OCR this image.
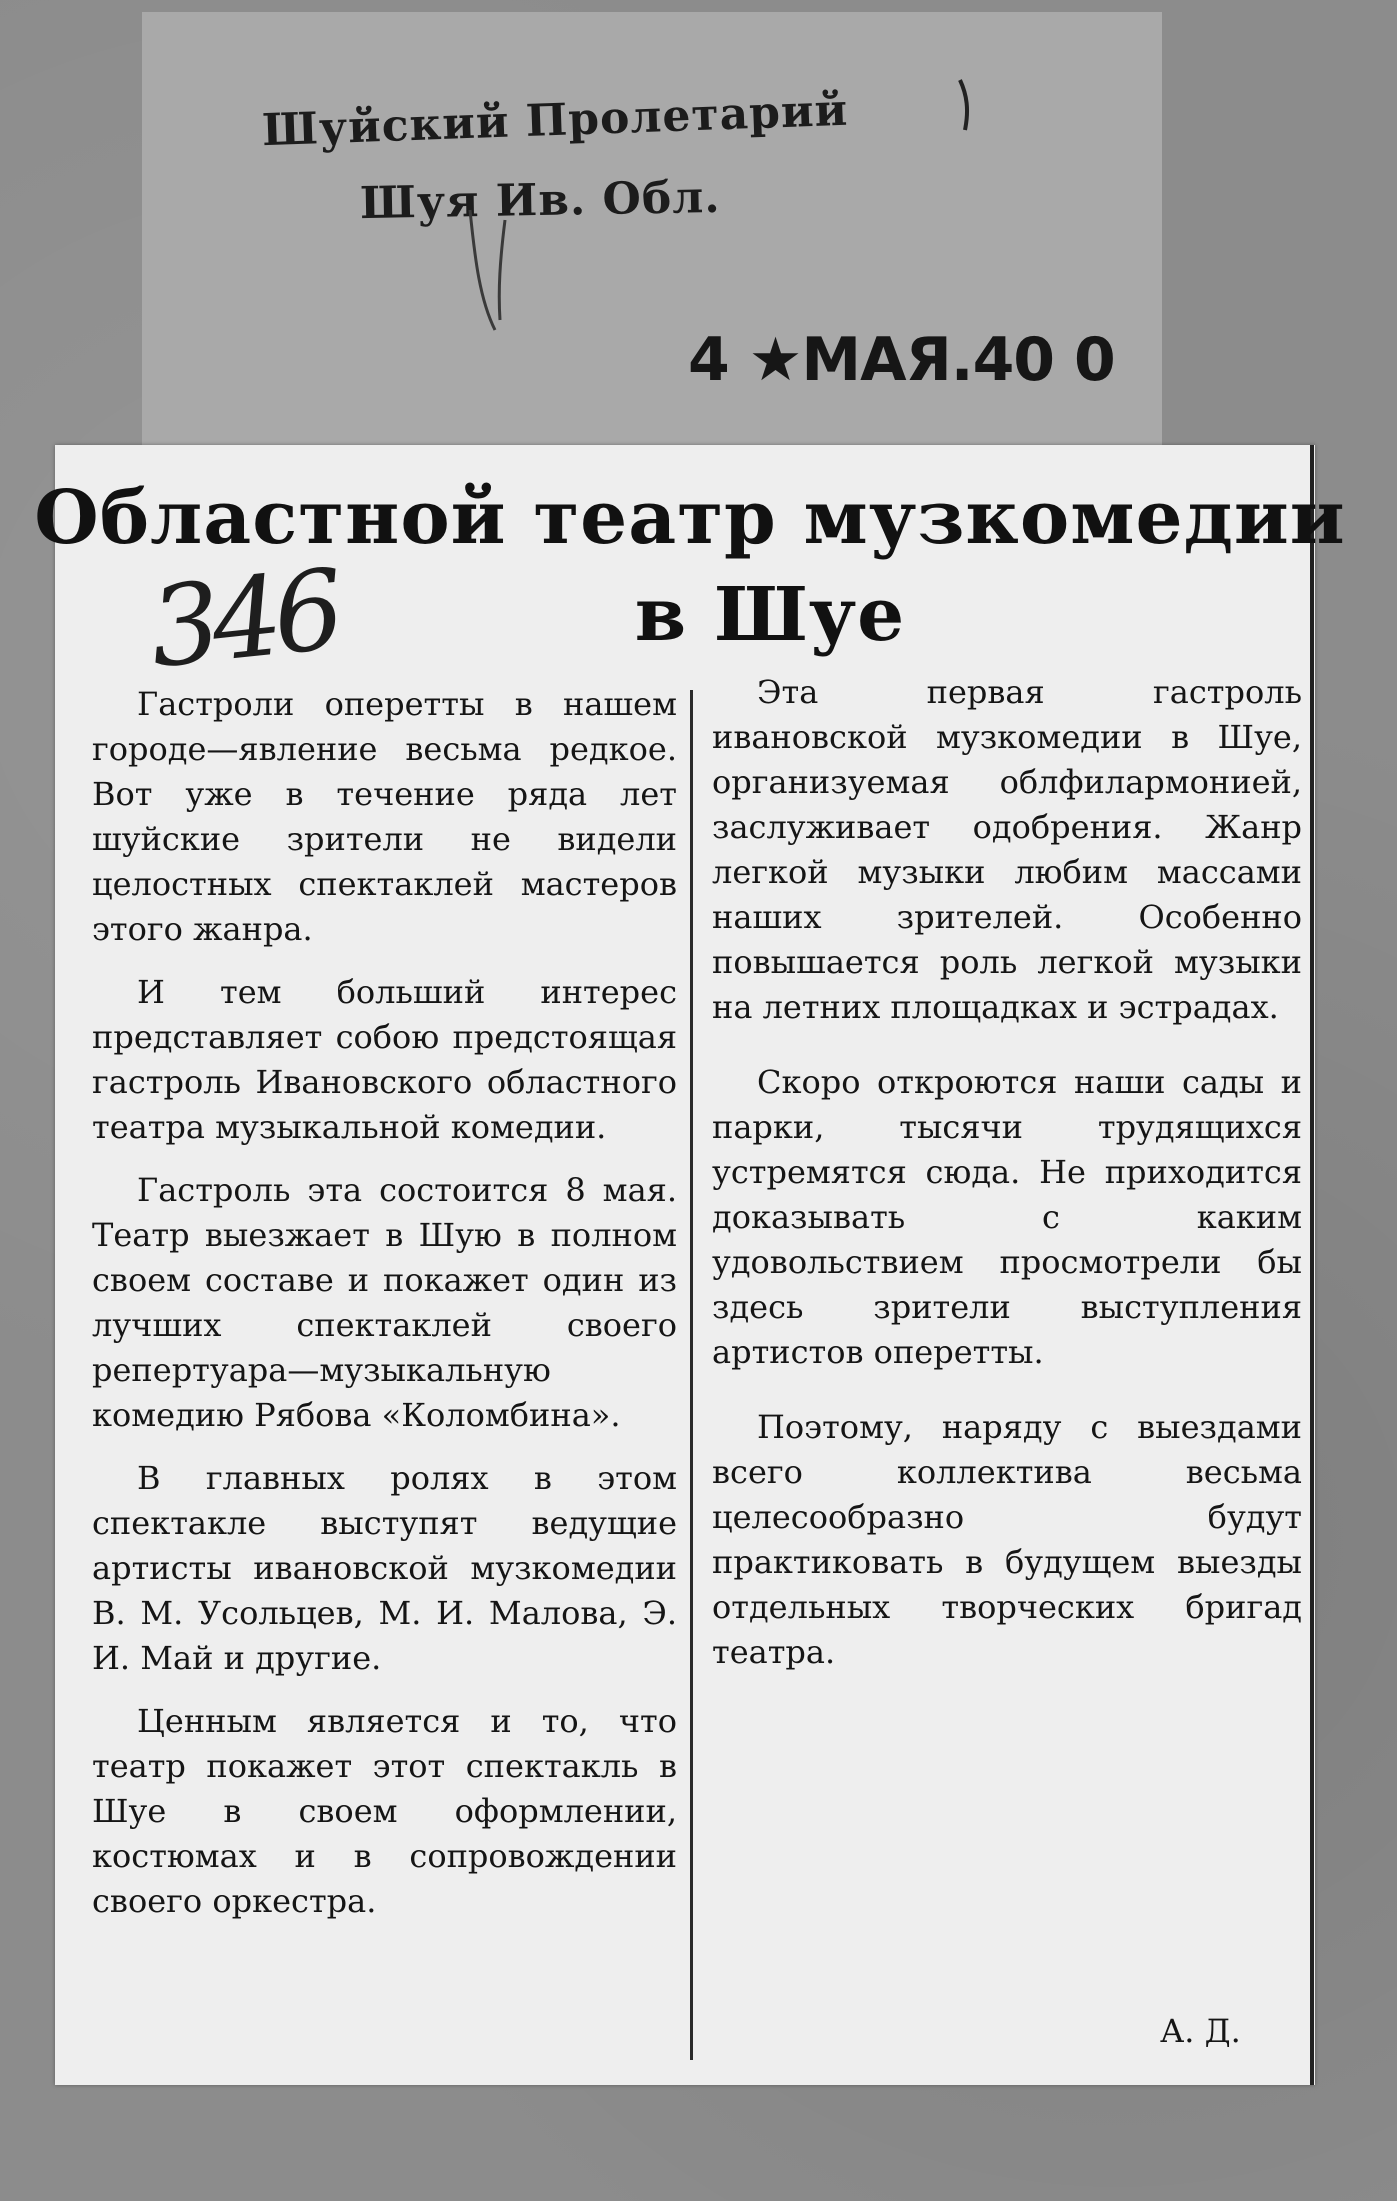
Шуйский Пролетарий
Шуя Ив. Обл.
4 ★МАЯ.40 0
Областной театр музкомедии
в Шуе
346

Гастроли оперетты в нашем городе—явление весьма редкое. Вот уже в течение ряда лет шуйские зрители не видели целостных спектаклей мастеров этого жанра.

И тем больший интерес представляет собою предстоящая гастроль Ивановского областного театра музыкальной комедии.

Гастроль эта состоится 8 мая. Театр выезжает в Шую в полном своем составе и покажет один из лучших спектаклей своего репертуара—музыкальную комедию Рябова «Коломбина».

В главных ролях в этом спектакле выступят ведущие артисты ивановской музкомедии В. М. Усольцев, М. И. Малова, Э. И. Май и другие.

Ценным является и то, что театр покажет этот спектакль в Шуе в своем оформлении, костюмах и в сопровождении своего оркестра.

Эта первая гастроль ивановской музкомедии в Шуе, организуемая облфилармонией, заслуживает одобрения. Жанр легкой музыки любим массами наших зрителей. Особенно повышается роль легкой музыки на летних площадках и эстрадах.

Скоро откроются наши сады и парки, тысячи трудящихся устремятся сюда. Не приходится доказывать с каким удовольствием просмотрели бы здесь зрители выступления артистов оперетты.

Поэтому, наряду с выездами всего коллектива весьма целесообразно будут практиковать в будущем выезды отдельных творческих бригад театра.

А. Д.
